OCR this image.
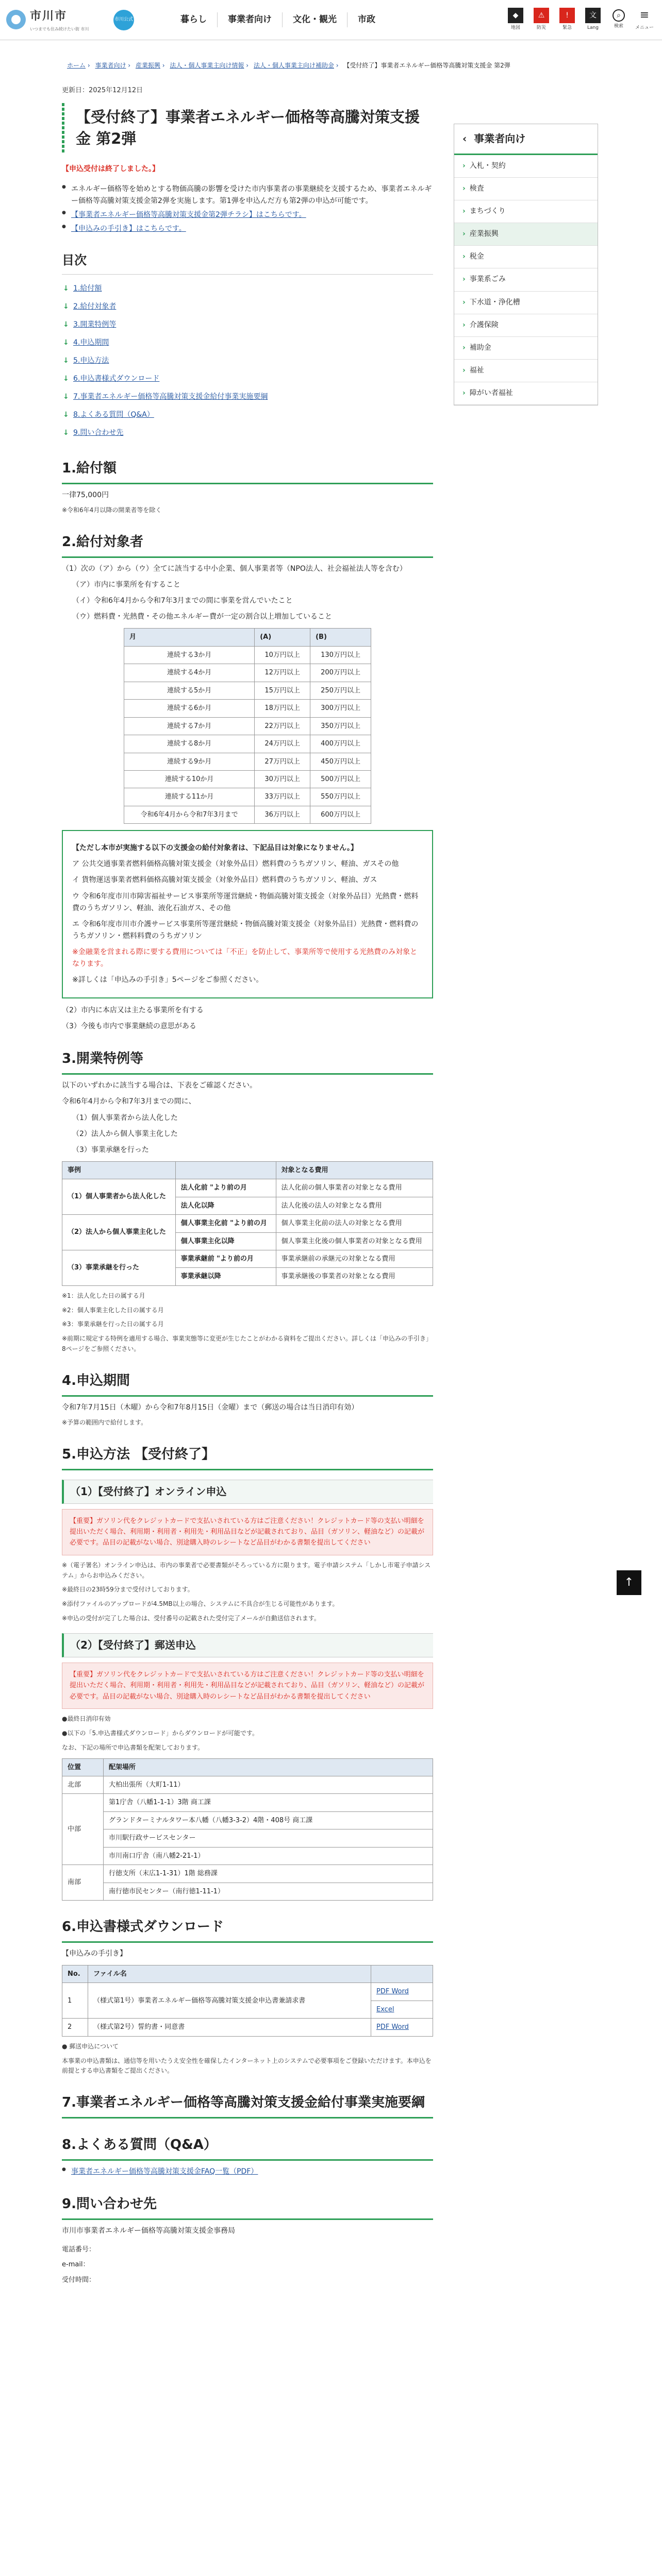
市川市
いつまでも住み続けたい街 市川
市川公式	暮らし	事業者向け	文化・観光	市政	◆
地図
⚠
防災
!
緊急
文
Lang
⌕
検索
≡
メニュー
ホーム › 事業者向け › 産業振興 › 法人・個人事業主向け情報 › 法人・個人事業主向け補助金 › 【受付終了】事業者エネルギー価格等高騰対策支援金 第2弾
更新日：2025年12月12日
【受付終了】事業者エネルギー価格等高騰対策支援金 第2弾
【申込受付は終了しました。】
● エネルギー価格等を始めとする物価高騰の影響を受けた市内事業者の事業継続を支援するため、事業者エネルギー価格等高騰対策支援金第2弾を実施します。第1弾を申込んだ方も第2弾の申込が可能です。
● 【事業者エネルギー価格等高騰対策支援金第2弾チラシ】はこちらです。
● 【申込みの手引き】はこちらです。
目次
↓ 1.給付額
↓ 2.給付対象者
↓ 3.開業特例等
↓ 4.申込期間
↓ 5.申込方法
↓ 6.申込書様式ダウンロード
↓ 7.事業者エネルギー価格等高騰対策支援金給付事業実施要綱
↓ 8.よくある質問（Q&A）
↓ 9.問い合わせ先
1.給付額
一律75,000円
※令和6年4月以降の開業者等を除く
2.給付対象者
（1）次の（ア）から（ウ）全てに該当する中小企業、個人事業者等（NPO法人、社会福祉法人等を含む）
（ア）市内に事業所を有すること
（イ）令和6年4月から令和7年3月までの間に事業を営んでいたこと
（ウ）燃料費・光熱費・その他エネルギー費が一定の割合以上増加していること
月	(A)	(B)
連続する3か月	10万円以上	130万円以上
連続する4か月	12万円以上	200万円以上
連続する5か月	15万円以上	250万円以上
連続する6か月	18万円以上	300万円以上
連続する7か月	22万円以上	350万円以上
連続する8か月	24万円以上	400万円以上
連続する9か月	27万円以上	450万円以上
連続する10か月	30万円以上	500万円以上
連続する11か月	33万円以上	550万円以上
令和6年4月から令和7年3月まで	36万円以上	600万円以上
【ただし本市が実施する以下の支援金の給付対象者は、下記品目は対象になりません。】
ア 公共交通事業者燃料価格高騰対策支援金（対象外品目）燃料費のうちガソリン、軽油、ガスその他
イ 貨物運送事業者燃料価格高騰対策支援金（対象外品目）燃料費のうちガソリン、軽油、ガス
ウ 令和6年度市川市障害福祉サービス事業所等運営継続・物価高騰対策支援金（対象外品目）光熱費・燃料費のうちガソリン、軽油、液化石油ガス、その他
エ 令和6年度市川市介護サービス事業所等運営継続・物価高騰対策支援金（対象外品目）光熱費・燃料費のうちガソリン・燃料料費のうちガソリン
※金融業を営まれる際に要する費用については「不正」を防止して、事業所等で使用する光熱費のみ対象となります。
※詳しくは「申込みの手引き」5ページをご参照ください。
（2）市内に本店又は主たる事業所を有する
（3）今後も市内で事業継続の意思がある
3.開業特例等
以下のいずれかに該当する場合は、下表をご確認ください。
令和6年4月から令和7年3月までの間に、
（1）個人事業者から法人化した
（2）法人から個人事業主化した
（3）事業承継を行った
事例		対象となる費用
（1）個人事業者から法人化した	法人化前 "より前の月	法人化前の個人事業者の対象となる費用
	法人化以降	法人化後の法人の対象となる費用
（2）法人から個人事業主化した	個人事業主化前 "より前の月	個人事業主化前の法人の対象となる費用
	個人事業主化以降	個人事業主化後の個人事業者の対象となる費用
（3）事業承継を行った	事業承継前 "より前の月	事業承継前の承継元の対象となる費用
	事業承継以降	事業承継後の事業者の対象となる費用
※1：法人化した日の属する月
※2：個人事業主化した日の属する月
※3：事業承継を行った日の属する月
※前期に規定する特例を適用する場合、事業実態等に変更が生じたことがわかる資料をご提出ください。詳しくは「申込みの手引き」8ページをご参照ください。
4.申込期間
令和7年7月15日（木曜）から令和7年8月15日（金曜）まで（郵送の場合は当日消印有効）
※予算の範囲内で給付します。
5.申込方法 【受付終了】
（1）【受付終了】オンライン申込
【重要】ガソリン代をクレジットカードで支払いされている方はご注意ください！クレジットカード等の支払い明細を提出いただく場合、利用期・利用者・利用先・利用品目などが記載されており、品目（ガソリン、軽油など）の記載が必要です。品目の記載がない場合、別途購入時のレシートなど品目がわかる書類を提出してください
※（電子署名）オンライン申込は、市内の事業者で必要書類がそろっている方に限ります。電子申請システム「しかし市電子申請システム」からお申込みください。
※最終日の23時59分まで受付けしております。
※添付ファイルのアップロードが4.5MB以上の場合、システムに不具合が生じる可能性があります。
※申込の受付が完了した場合は、受付番号の記載された受付完了メールが自動送信されます。
（2）【受付終了】郵送申込
【重要】ガソリン代をクレジットカードで支払いされている方はご注意ください！クレジットカード等の支払い明細を提出いただく場合、利用期・利用者・利用先・利用品目などが記載されており、品目（ガソリン、軽油など）の記載が必要です。品目の記載がない場合、別途購入時のレシートなど品目がわかる書類を提出してください
●最終日消印有効
●以下の「5.申込書様式ダウンロード」からダウンロードが可能です。
なお、下記の場所で申込書類を配架しております。
位置	配架場所
北部	大柏出張所（大町1-11）
中部	第1庁舎（八幡1-1-1）3階 商工課
	グランドターミナルタワー本八幡（八幡3-3-2）4階・408号 商工課
	市川駅行政サービスセンター
	市川南口庁舎（南八幡2-21-1）
南部	行徳支所（末広1-1-31）1階 総務課
	南行徳市民センター（南行徳1-11-1）
6.申込書様式ダウンロード
【申込みの手引き】
No.	ファイル名	
1	（様式第1号）事業者エネルギー価格等高騰対策支援金申込書兼請求書	PDF Word
		Excel
2	（様式第2号）誓約書・同意書	PDF Word
● 郵送申込について
本事業の申込書類は、通信等を用いたうえ安全性を確保したインターネット上のシステムで必要事項をご登録いただけます。本申込を前提とする申込書類をご提出ください。
7.事業者エネルギー価格等高騰対策支援金給付事業実施要綱
8.よくある質問（Q&A）
● 事業者エネルギー価格等高騰対策支援金FAQ一覧（PDF）
9.問い合わせ先
市川市事業者エネルギー価格等高騰対策支援金事務局
電話番号：
e-mail：
受付時間：
‹ 事業者向け
› 入札・契約
› 検査
› まちづくり
› 産業振興
› 税金
› 事業系ごみ
› 下水道・浄化槽
› 介護保険
› 補助金
› 福祉
› 障がい者福祉
↑
